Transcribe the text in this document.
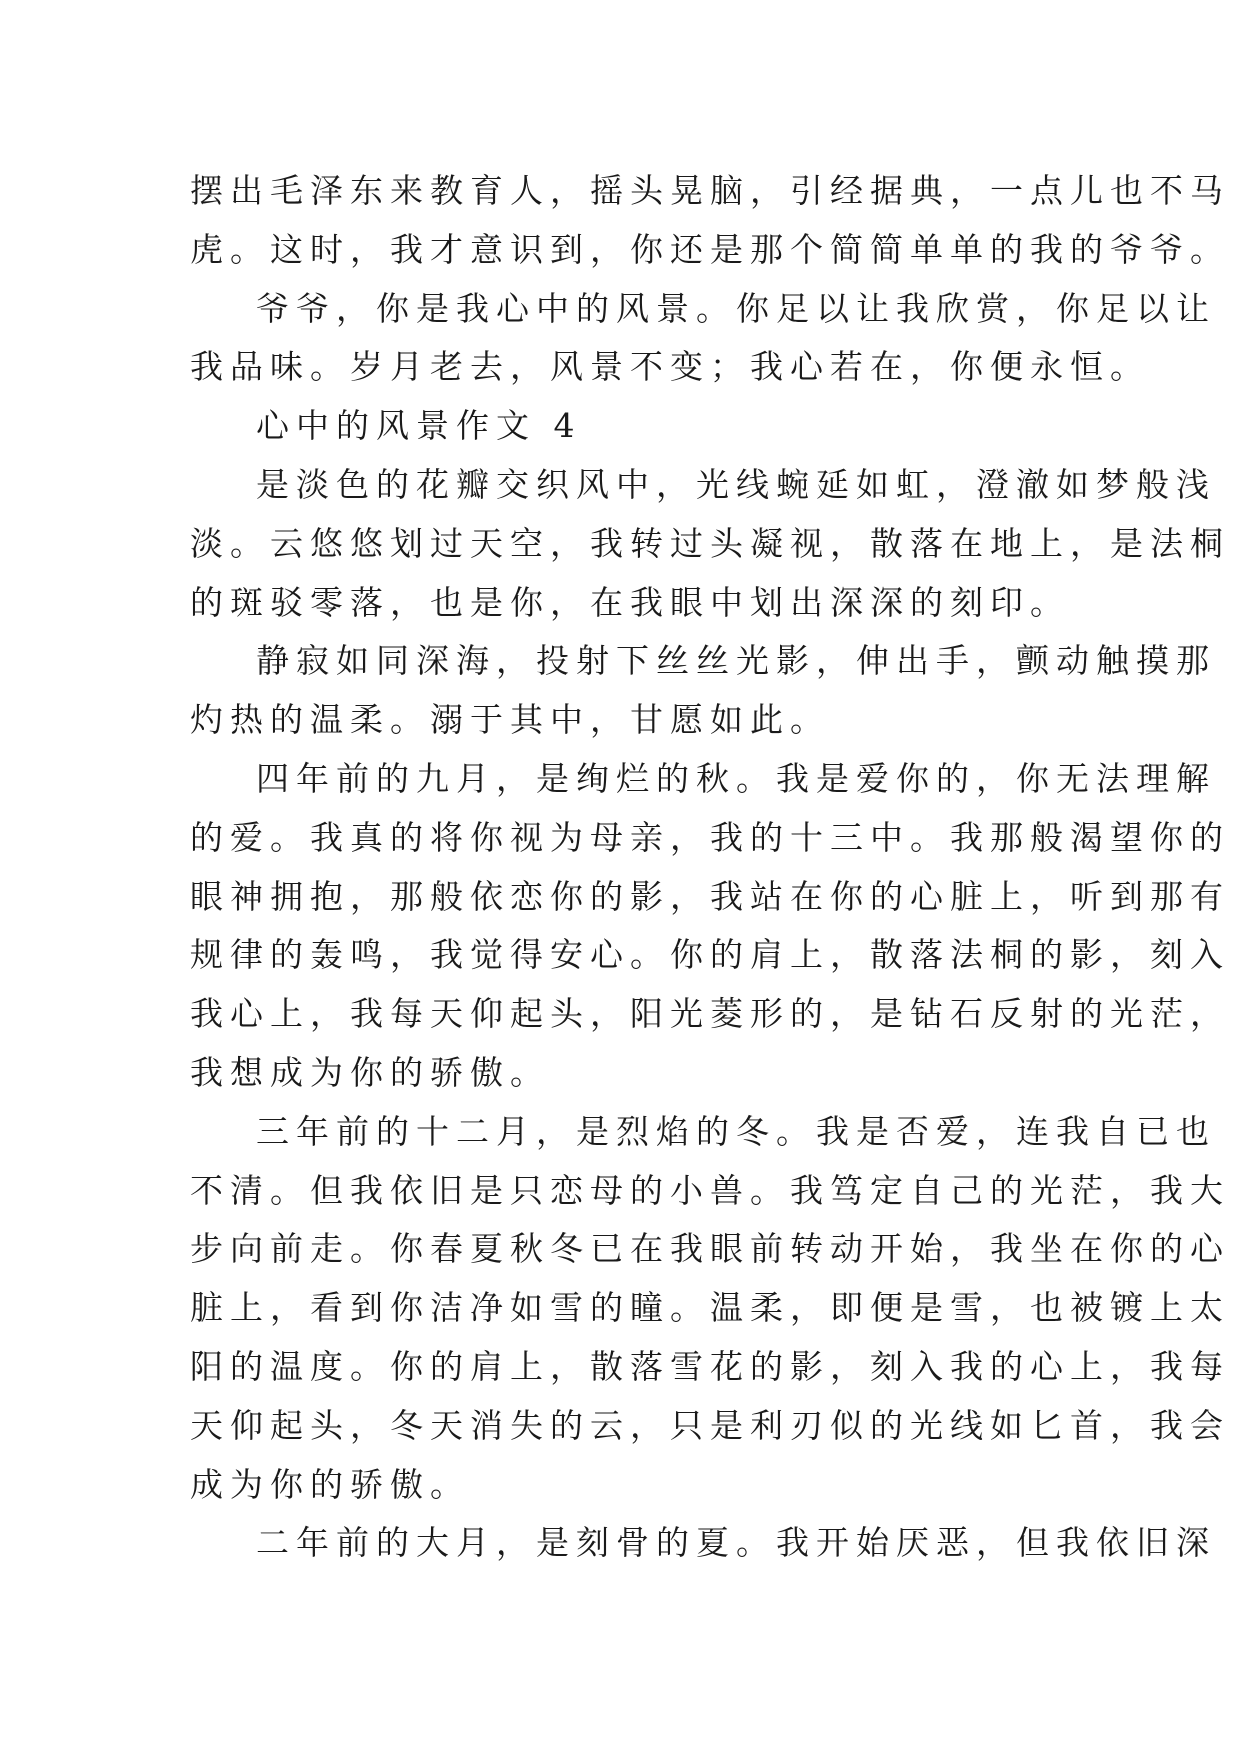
摆出毛泽东来教育人，摇头晃脑，引经据典，一点儿也不马
虎。这时，我才意识到，你还是那个简简单单的我的爷爷。
爷爷，你是我心中的风景。你足以让我欣赏，你足以让
我品味。岁月老去，风景不变；我心若在，你便永恒。
心中的风景作文 4
是淡色的花瓣交织风中，光线蜿延如虹，澄澈如梦般浅
淡。云悠悠划过天空，我转过头凝视，散落在地上，是法桐
的斑驳零落，也是你，在我眼中划出深深的刻印。
静寂如同深海，投射下丝丝光影，伸出手，颤动触摸那
灼热的温柔。溺于其中，甘愿如此。
四年前的九月，是绚烂的秋。我是爱你的，你无法理解
的爱。我真的将你视为母亲，我的十三中。我那般渴望你的
眼神拥抱，那般依恋你的影，我站在你的心脏上，听到那有
规律的轰鸣，我觉得安心。你的肩上，散落法桐的影，刻入
我心上，我每天仰起头，阳光菱形的，是钻石反射的光茫，
我想成为你的骄傲。
三年前的十二月，是烈焰的冬。我是否爱，连我自已也
不清。但我依旧是只恋母的小兽。我笃定自己的光茫，我大
步向前走。你春夏秋冬已在我眼前转动开始，我坐在你的心
脏上，看到你洁净如雪的瞳。温柔，即便是雪，也被镀上太
阳的温度。你的肩上，散落雪花的影，刻入我的心上，我每
天仰起头，冬天消失的云，只是利刃似的光线如匕首，我会
成为你的骄傲。
二年前的大月，是刻骨的夏。我开始厌恶，但我依旧深
